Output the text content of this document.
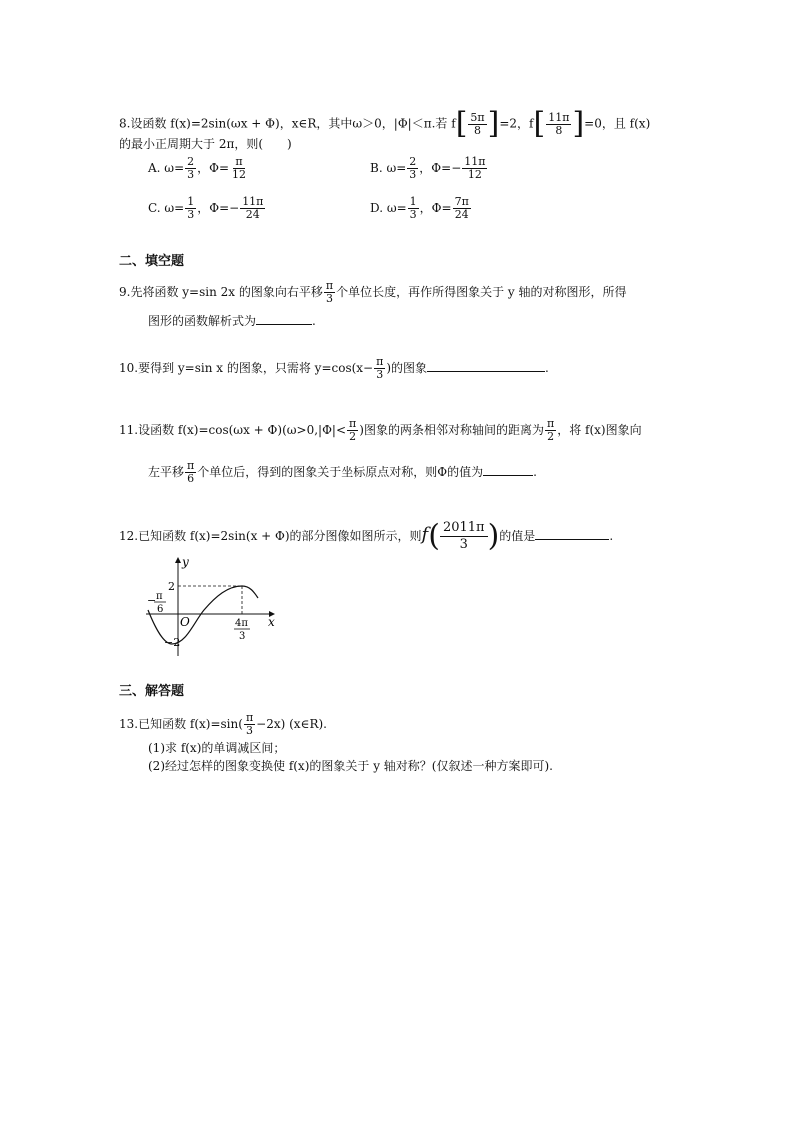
8.设函数 f(x)=2sin(ωx + Φ)，x∈R，其中ω＞0，|Φ|＜π.若 f [ $\frac{5\pi}{8}$ ] =2，f [ $\frac{11\pi}{8}$ ] =0，且 f(x)
的最小正周期大于 2π，则(　　)
A. $\omega= \frac{2}{3}$ ，$\Phi= \frac{\pi}{12}$	B. $\omega= \frac{2}{3}$ ，$\Phi=- \frac{11\pi}{12}$
C. $\omega= \frac{1}{3}$ ，$\Phi=- \frac{11\pi}{24}$	D. $\omega= \frac{1}{3}$ ，$\Phi= \frac{7\pi}{24}$
二、填空题
9.先将函数 y=sin 2x 的图象向右平移 $\frac{\pi}{3}$ 个单位长度，再作所得图象关于 y 轴的对称图形，所得
图形的函数解析式为	.
10.要得到 y=sin x 的图象，只需将 $y=\cos(x- \frac{\pi}{3}$ )的图象	.
11.设函数 $f(x)=\cos(\omega x + \Phi)(\omega>0,|\Phi|< \frac{\pi}{2}$ )图象的两条相邻对称轴间的距离为 $\frac{\pi}{2}$ ，将 f(x)图象向
左平移 $\frac{\pi}{6}$ 个单位后，得到的图象关于坐标原点对称，则Φ的值为	.
12.已知函数 f(x)=2sin(x + Φ)的部分图像如图所示，则$f( \frac{2011\pi}{3}$ )的值是	.
y
x
O
2
−2
− π
6
4π
3
三、解答题
13.已知函数 $f(x)=\sin( \frac{\pi}{3} -2x)$ (x∈R).
(1)求 f(x)的单调减区间；
(2)经过怎样的图象变换使 f(x)的图象关于 y 轴对称？(仅叙述一种方案即可).
